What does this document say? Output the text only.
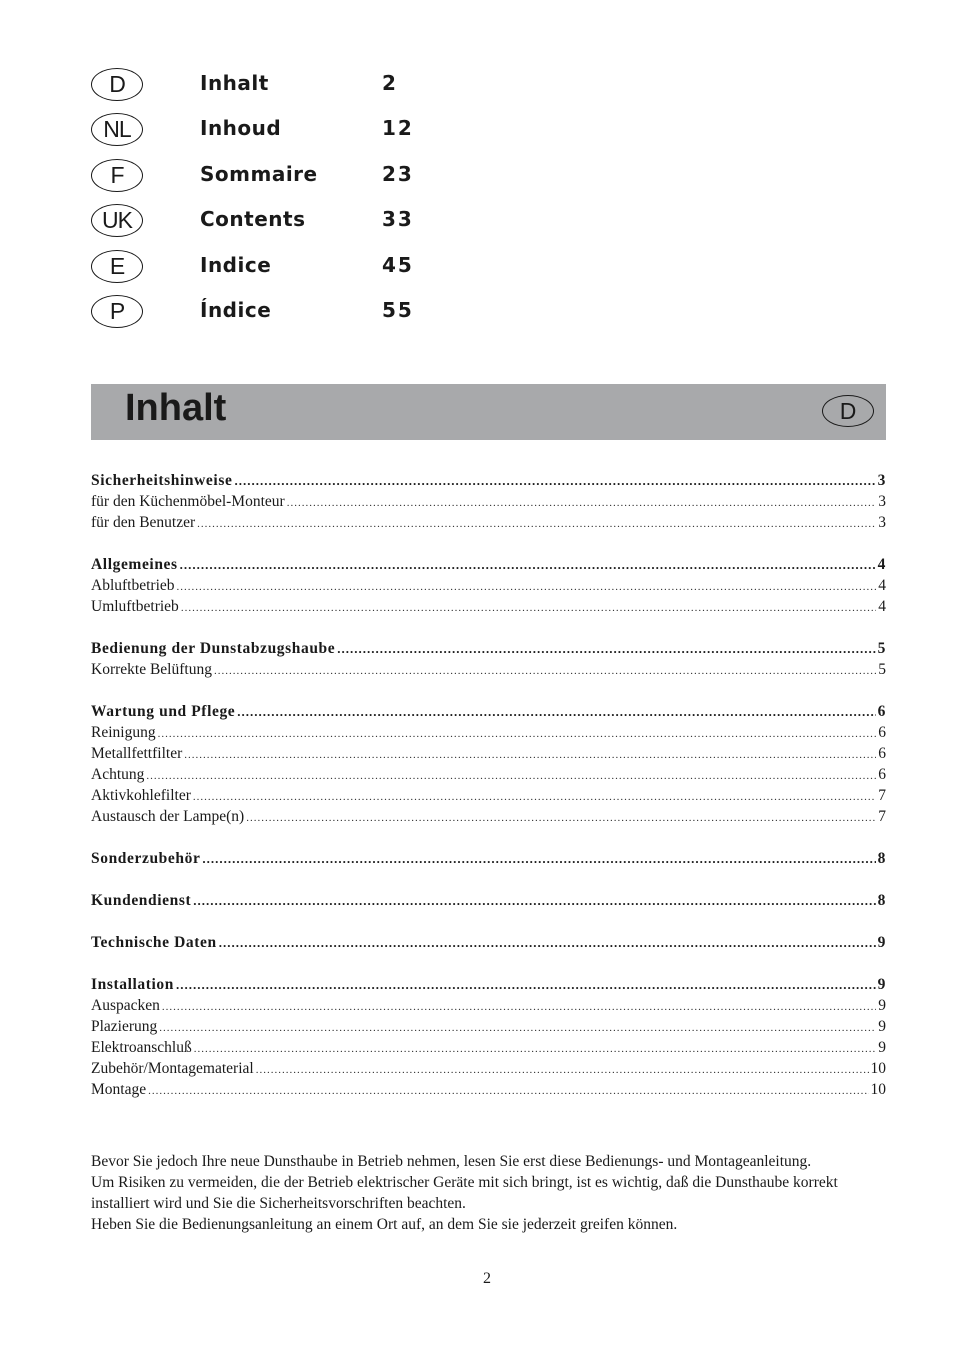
D	Inhalt	2
NL	Inhoud	12
F	Sommaire	23
UK	Contents	33
E	Indice	45
P	Índice	55
Inhalt	D
Sicherheitshinweise .....	3
für den Küchenmöbel-Monteur .....	3
für den Benutzer .....	3
Allgemeines .....	4
Abluftbetrieb .....	4
Umluftbetrieb .....	4
Bedienung der Dunstabzugshaube .....	5
Korrekte Belüftung .....	5
Wartung und Pflege .....	6
Reinigung .....	6
Metallfettfilter .....	6
Achtung .....	6
Aktivkohlefilter .....	7
Austausch der Lampe(n) .....	7
Sonderzubehör .....	8
Kundendienst .....	8
Technische Daten .....	9
Installation .....	9
Auspacken .....	9
Plazierung .....	9
Elektroanschluß .....	9
Zubehör/Montagematerial .....	10
Montage .....	10

Bevor Sie jedoch Ihre neue Dunsthaube in Betrieb nehmen, lesen Sie erst diese Bedienungs- und Montageanleitung.

Um Risiken zu vermeiden, die der Betrieb elektrischer Geräte mit sich bringt, ist es wichtig, daß die Dunsthaube korrekt installiert wird und Sie die Sicherheitsvorschriften beachten.

Heben Sie die Bedienungsanleitung an einem Ort auf, an dem Sie sie jederzeit greifen können.

2
